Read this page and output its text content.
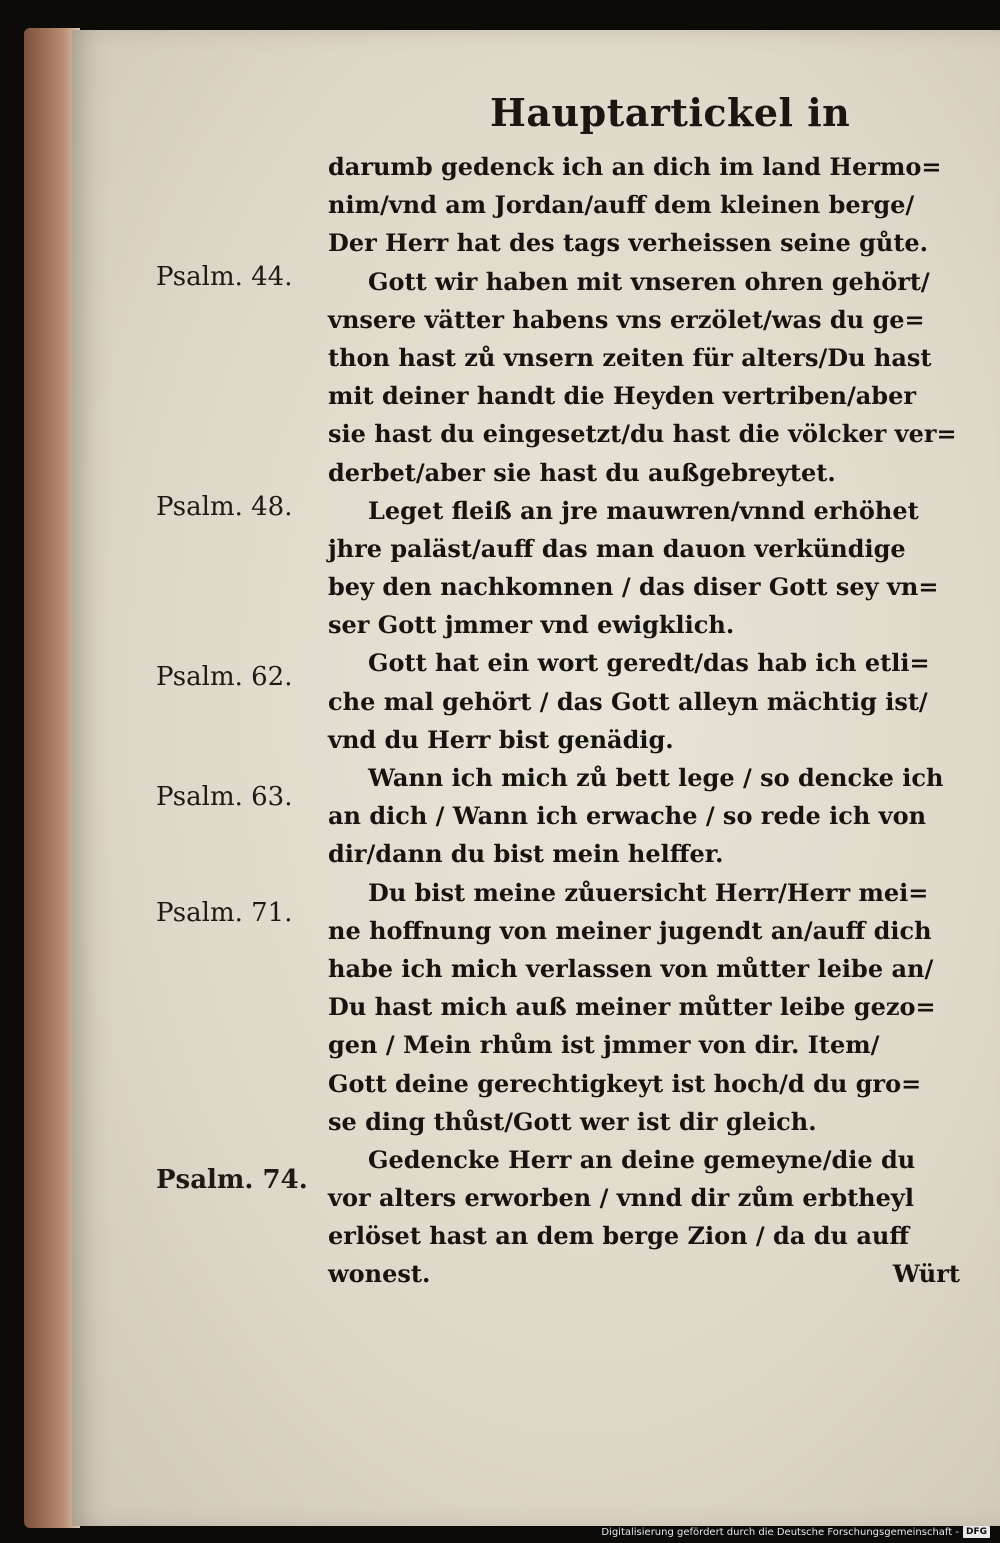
Hauptartickel in
Psalm. 44.
Psalm. 48.
Psalm. 62.
Psalm. 63.
Psalm. 71.
Psalm. 74.
darumb gedenck ich an dich im land Hermo=
nim/vnd am Jordan/auff dem kleinen berge/
Der Herr hat des tags verheissen seine gůte.
Gott wir haben mit vnseren ohren gehört/
vnsere vätter habens vns erzölet/was du ge=
thon hast zů vnsern zeiten für alters/Du hast
mit deiner handt die Heyden vertriben/aber
sie hast du eingesetzt/du hast die völcker ver=
derbet/aber sie hast du außgebreytet.
Leget fleiß an jre mauwren/vnnd erhöhet
jhre paläst/auff das man dauon verkündige
bey den nachkomnen / das diser Gott sey vn=
ser Gott jmmer vnd ewigklich.
Gott hat ein wort geredt/das hab ich etli=
che mal gehört / das Gott alleyn mächtig ist/
vnd du Herr bist genädig.
Wann ich mich zů bett lege / so dencke ich
an dich / Wann ich erwache / so rede ich von
dir/dann du bist mein helffer.
Du bist meine zůuersicht Herr/Herr mei=
ne hoffnung von meiner jugendt an/auff dich
habe ich mich verlassen von můtter leibe an/
Du hast mich auß meiner můtter leibe gezo=
gen / Mein rhům ist jmmer von dir. Item/
Gott deine gerechtigkeyt ist hoch/d du gro=
se ding thůst/Gott wer ist dir gleich.
Gedencke Herr an deine gemeyne/die du
vor alters erworben / vnnd dir zům erbtheyl
erlöset hast an dem berge Zion / da du auff
wonest.	Würt
Digitalisierung gefördert durch die Deutsche Forschungsgemeinschaft - DFG
